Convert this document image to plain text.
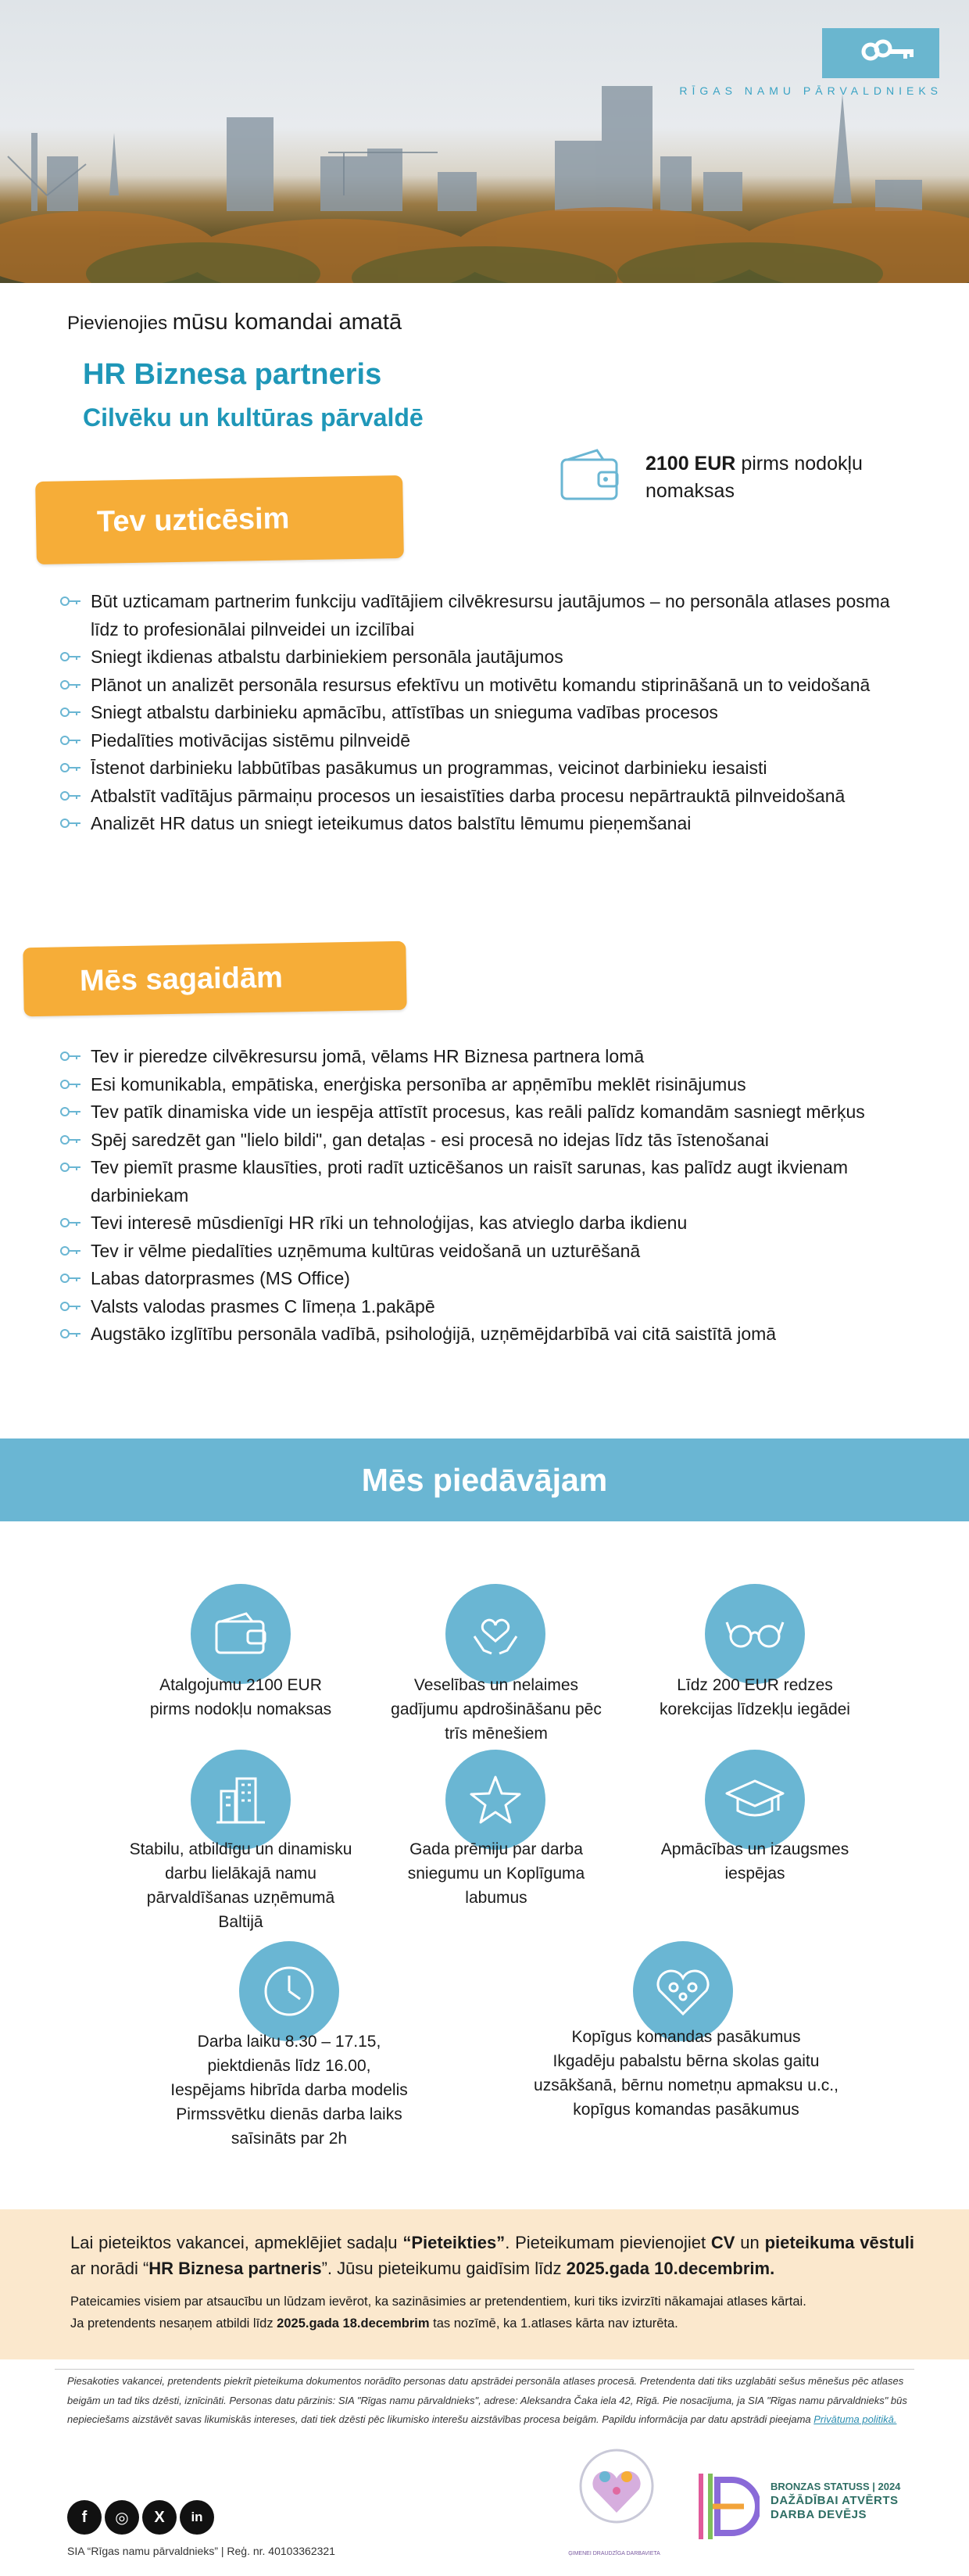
RĪGAS NAMU PĀRVALDNIEKS
Pievienojies mūsu komandai amatā
HR Biznesa partneris
Cilvēku un kultūras pārvaldē
2100 EUR pirms nodokļu nomaksas
Tev uzticēsim
Būt uzticamam partnerim funkciju vadītājiem cilvēkresursu jautājumos – no personāla atlases posma līdz to profesionālai pilnveidei un izcilībai
Sniegt ikdienas atbalstu darbiniekiem personāla jautājumos
Plānot un analizēt personāla resursus efektīvu un motivētu komandu stiprināšanā un to veidošanā
Sniegt atbalstu darbinieku apmācību, attīstības un snieguma vadības procesos
Piedalīties motivācijas sistēmu pilnveidē
Īstenot darbinieku labbūtības pasākumus un programmas, veicinot darbinieku iesaisti
Atbalstīt vadītājus pārmaiņu procesos un iesaistīties darba procesu nepārtrauktā pilnveidošanā
Analizēt HR datus un sniegt ieteikumus datos balstītu lēmumu pieņemšanai
Mēs sagaidām
Tev ir pieredze cilvēkresursu jomā, vēlams HR Biznesa partnera lomā
Esi komunikabla, empātiska, enerģiska personība ar apņēmību meklēt risinājumus
Tev patīk dinamiska vide un iespēja attīstīt procesus, kas reāli palīdz komandām sasniegt mērķus
Spēj saredzēt gan "lielo bildi", gan detaļas - esi procesā no idejas līdz tās īstenošanai
Tev piemīt prasme klausīties, proti radīt uzticēšanos un raisīt sarunas, kas palīdz augt ikvienam darbiniekam
Tevi interesē mūsdienīgi HR rīki un tehnoloģijas, kas atvieglo darba ikdienu
Tev ir vēlme piedalīties uzņēmuma kultūras veidošanā un uzturēšanā
Labas datorprasmes (MS Office)
Valsts valodas prasmes C līmeņa 1.pakāpē
Augstāko izglītību personāla vadībā, psiholoģijā, uzņēmējdarbībā vai citā saistītā jomā
Mēs piedāvājam
Atalgojumu 2100 EUR
pirms nodokļu nomaksas
Veselības un nelaimes
gadījumu apdrošināšanu pēc
trīs mēnešiem
Līdz 200 EUR redzes
korekcijas līdzekļu iegādei
Stabilu, atbildīgu un dinamisku
darbu lielākajā namu
pārvaldīšanas uzņēmumā
Baltijā
Gada prēmiju par darba
sniegumu un Koplīguma
labumus
Apmācības un izaugsmes
iespējas
Darba laiku 8.30 – 17.15,
piektdienās līdz 16.00,
Iespējams hibrīda darba modelis
Pirmssvētku dienās darba laiks
saīsināts par 2h
Kopīgus komandas pasākumus
Ikgadēju pabalstu bērna skolas gaitu
uzsākšanā, bērnu nometņu apmaksu u.c.,
kopīgus komandas pasākumus
Lai pieteiktos vakancei, apmeklējiet sadaļu “Pieteikties”. Pieteikumam pievienojiet CV un pieteikuma vēstuli ar norādi “HR Biznesa partneris”. Jūsu pieteikumu gaidīsim līdz 2025.gada 10.decembrim.
Pateicamies visiem par atsaucību un lūdzam ievērot, ka sazināsimies ar pretendentiem, kuri tiks izvirzīti nākamajai atlases kārtai.
Ja pretendents nesaņem atbildi līdz 2025.gada 18.decembrim tas nozīmē, ka 1.atlases kārta nav izturēta.
Piesakoties vakancei, pretendents piekrīt pieteikuma dokumentos norādīto personas datu apstrādei personāla atlases procesā. Pretendenta dati tiks uzglabāti sešus mēnešus pēc atlases beigām un tad tiks dzēsti, iznīcināti. Personas datu pārzinis: SIA "Rīgas namu pārvaldnieks", adrese: Aleksandra Čaka iela 42, Rīgā. Pie nosacījuma, ja SIA "Rīgas namu pārvaldnieks" būs nepieciešams aizstāvēt savas likumiskās intereses, dati tiek dzēsti pēc likumisko interešu aizstāvības procesa beigām. Papildu informācija par datu apstrādi pieejama Privātuma politikā.
f	◎	X	in
SIA “Rīgas namu pārvaldnieks” | Reģ. nr. 40103362321	ĢIMENEI DRAUDZĪGA DARBAVIETA
BRONZAS STATUSS | 2024
DAŽĀDĪBAI ATVĒRTS
DARBA DEVĒJS
